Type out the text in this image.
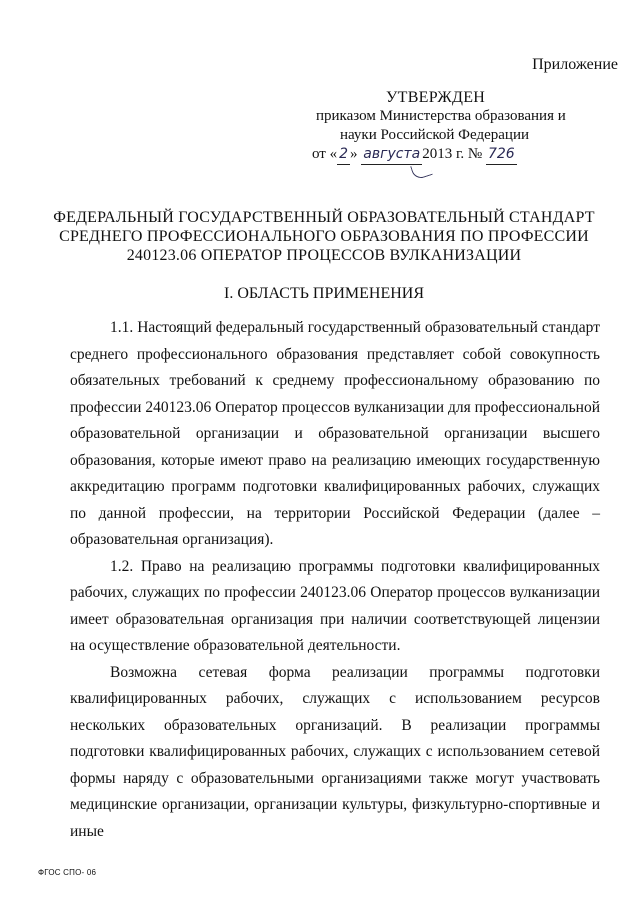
Приложение
УТВЕРЖДЕН
приказом Министерства образования и
науки Российской Федерации
от « 2 » августа 2013 г. № 726
ФЕДЕРАЛЬНЫЙ ГОСУДАРСТВЕННЫЙ ОБРАЗОВАТЕЛЬНЫЙ СТАНДАРТ
СРЕДНЕГО ПРОФЕССИОНАЛЬНОГО ОБРАЗОВАНИЯ ПО ПРОФЕССИИ
240123.06 ОПЕРАТОР ПРОЦЕССОВ ВУЛКАНИЗАЦИИ
I. ОБЛАСТЬ ПРИМЕНЕНИЯ

1.1. Настоящий федеральный государственный образовательный стандарт среднего профессионального образования представляет собой совокупность обязательных требований к среднему профессиональному образованию по профессии 240123.06 Оператор процессов вулканизации для профессиональной образовательной организации и образовательной организации высшего образования, которые имеют право на реализацию имеющих государственную аккредитацию программ подготовки квалифицированных рабочих, служащих по данной профессии, на территории Российской Федерации (далее – образовательная организация).

1.2. Право на реализацию программы подготовки квалифицированных рабочих, служащих по профессии 240123.06 Оператор процессов вулканизации имеет образовательная организация при наличии соответствующей лицензии на осуществление образовательной деятельности.

Возможна сетевая форма реализации программы подготовки квалифицированных рабочих, служащих с использованием ресурсов нескольких образовательных организаций. В реализации программы подготовки квалифицированных рабочих, служащих с использованием сетевой формы наряду с образовательными организациями также могут участвовать медицинские организации, организации культуры, физкультурно-спортивные и иные

ФГОС СПО- 06
